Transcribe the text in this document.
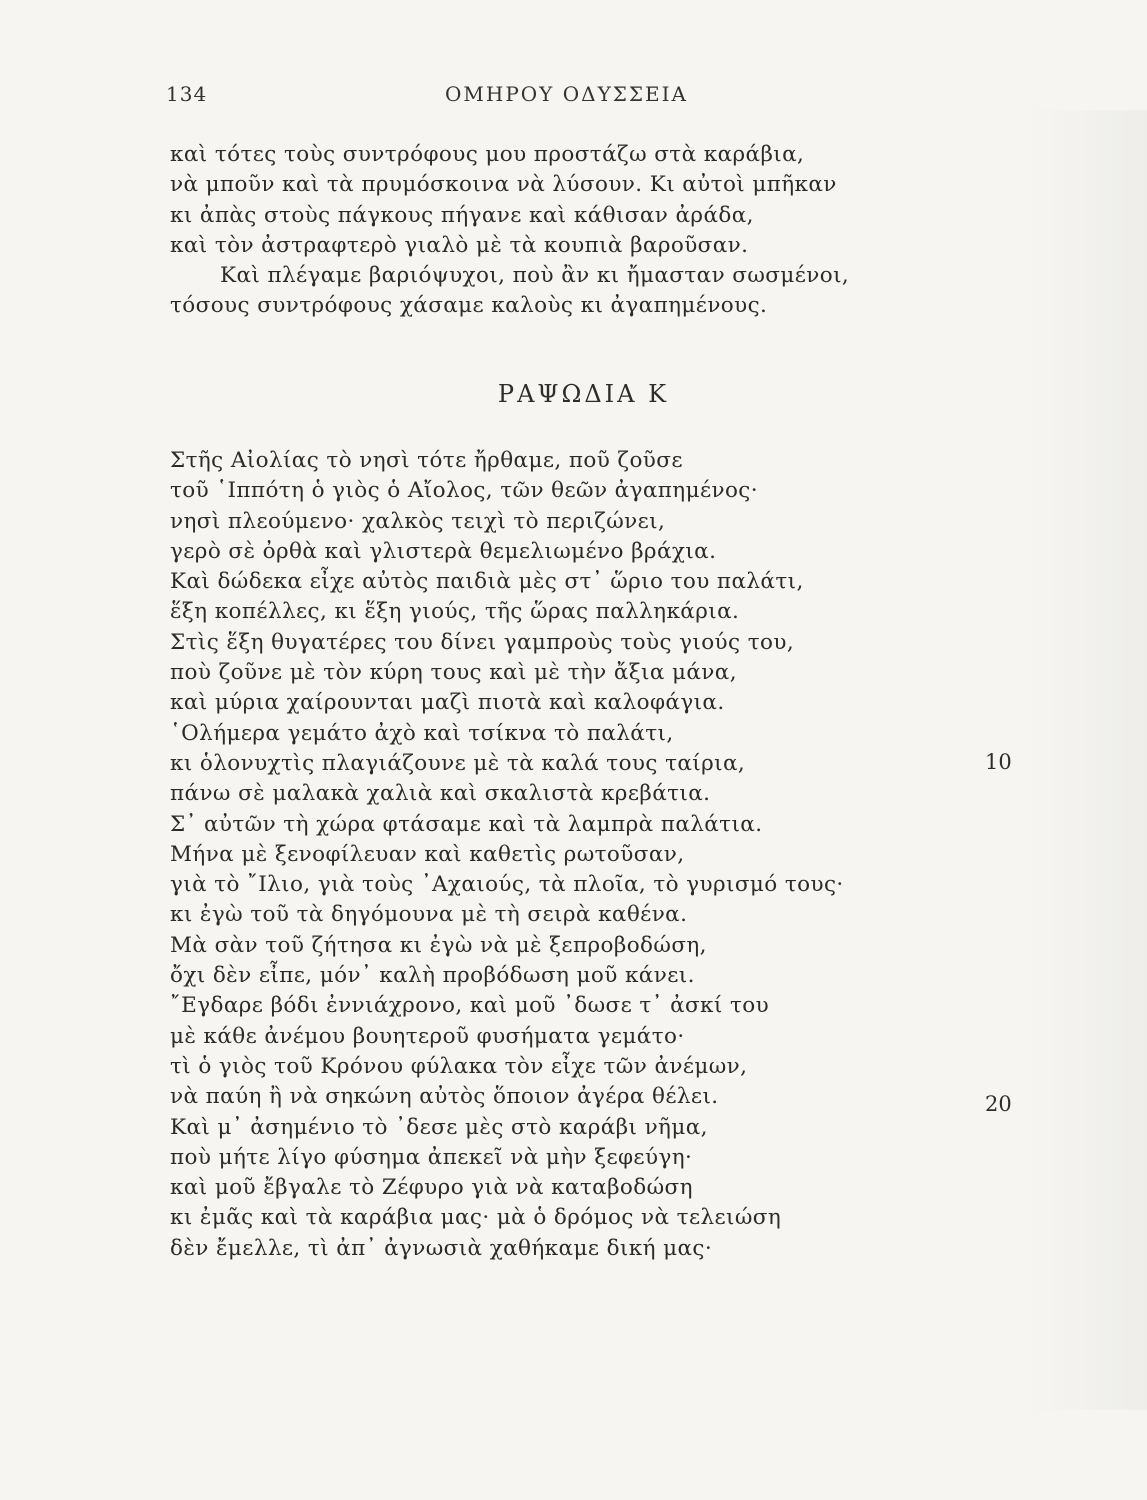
134	ΟΜΗΡΟΥ ΟΔΥΣΣΕΙΑ
καὶ τότες τοὺς συντρόφους μου προστάζω στὰ καράβια,
νὰ μποῦν καὶ τὰ πρυμόσκοινα νὰ λύσουν. Κι αὐτοὶ μπῆκαν
κι ἀπὰς στοὺς πάγκους πήγανε καὶ κάθισαν ἀράδα,
καὶ τὸν ἀστραφτερὸ γιαλὸ μὲ τὰ κουπιὰ βαροῦσαν.
Καὶ πλέγαμε βαριόψυχοι, ποὺ ἂν κι ἤμασταν σωσμένοι,
τόσους συντρόφους χάσαμε καλοὺς κι ἀγαπημένους.
ΡΑΨΩΔΙΑ Κ
Στῆς Αἰολίας τὸ νησὶ τότε ἤρθαμε, ποῦ ζοῦσε
τοῦ ῾Ιππότη ὁ γιὸς ὁ Αἴολος, τῶν θεῶν ἀγαπημένος·
νησὶ πλεούμενο· χαλκὸς τειχὶ τὸ περιζώνει,
γερὸ σὲ ὀρθὰ καὶ γλιστερὰ θεμελιωμένο βράχια.
Καὶ δώδεκα εἶχε αὐτὸς παιδιὰ μὲς στ᾽ ὥριο του παλάτι,
ἕξη κοπέλλες, κι ἕξη γιούς, τῆς ὥρας παλληκάρια.
Στὶς ἕξη θυγατέρες του δίνει γαμπροὺς τοὺς γιούς του,
ποὺ ζοῦνε μὲ τὸν κύρη τους καὶ μὲ τὴν ἄξια μάνα,
καὶ μύρια χαίρουνται μαζὶ πιοτὰ καὶ καλοφάγια.
῾Ολήμερα γεμάτο ἀχὸ καὶ τσίκνα τὸ παλάτι,
κι ὁλονυχτὶς πλαγιάζουνε μὲ τὰ καλά τους ταίρια,
πάνω σὲ μαλακὰ χαλιὰ καὶ σκαλιστὰ κρεβάτια.
Σ᾽ αὐτῶν τὴ χώρα φτάσαμε καὶ τὰ λαμπρὰ παλάτια.
Μήνα μὲ ξενοφίλευαν καὶ καθετὶς ρωτοῦσαν,
γιὰ τὸ ῎Ιλιο, γιὰ τοὺς ᾽Αχαιούς, τὰ πλοῖα, τὸ γυρισμό τους·
κι ἐγὼ τοῦ τὰ δηγόμουνα μὲ τὴ σειρὰ καθένα.
Μὰ σὰν τοῦ ζήτησα κι ἐγὼ νὰ μὲ ξεπροβοδώση,
ὄχι δὲν εἶπε, μόν᾽ καλὴ προβόδωση μοῦ κάνει.
῎Εγδαρε βόδι ἐννιάχρονο, καὶ μοῦ ᾽δωσε τ᾽ ἀσκί του
μὲ κάθε ἀνέμου βουητεροῦ φυσήματα γεμάτο·
τὶ ὁ γιὸς τοῦ Κρόνου φύλακα τὸν εἶχε τῶν ἀνέμων,
νὰ παύη ἢ νὰ σηκώνη αὐτὸς ὅποιον ἀγέρα θέλει.
Καὶ μ᾽ ἀσημένιο τὸ ᾽δεσε μὲς στὸ καράβι νῆμα,
ποὺ μήτε λίγο φύσημα ἀπεκεῖ νὰ μὴν ξεφεύγη·
καὶ μοῦ ἔβγαλε τὸ Ζέφυρο γιὰ νὰ καταβοδώση
κι ἐμᾶς καὶ τὰ καράβια μας· μὰ ὁ δρόμος νὰ τελειώση
δὲν ἔμελλε, τὶ ἀπ᾽ ἀγνωσιὰ χαθήκαμε δική μας·
10
20
